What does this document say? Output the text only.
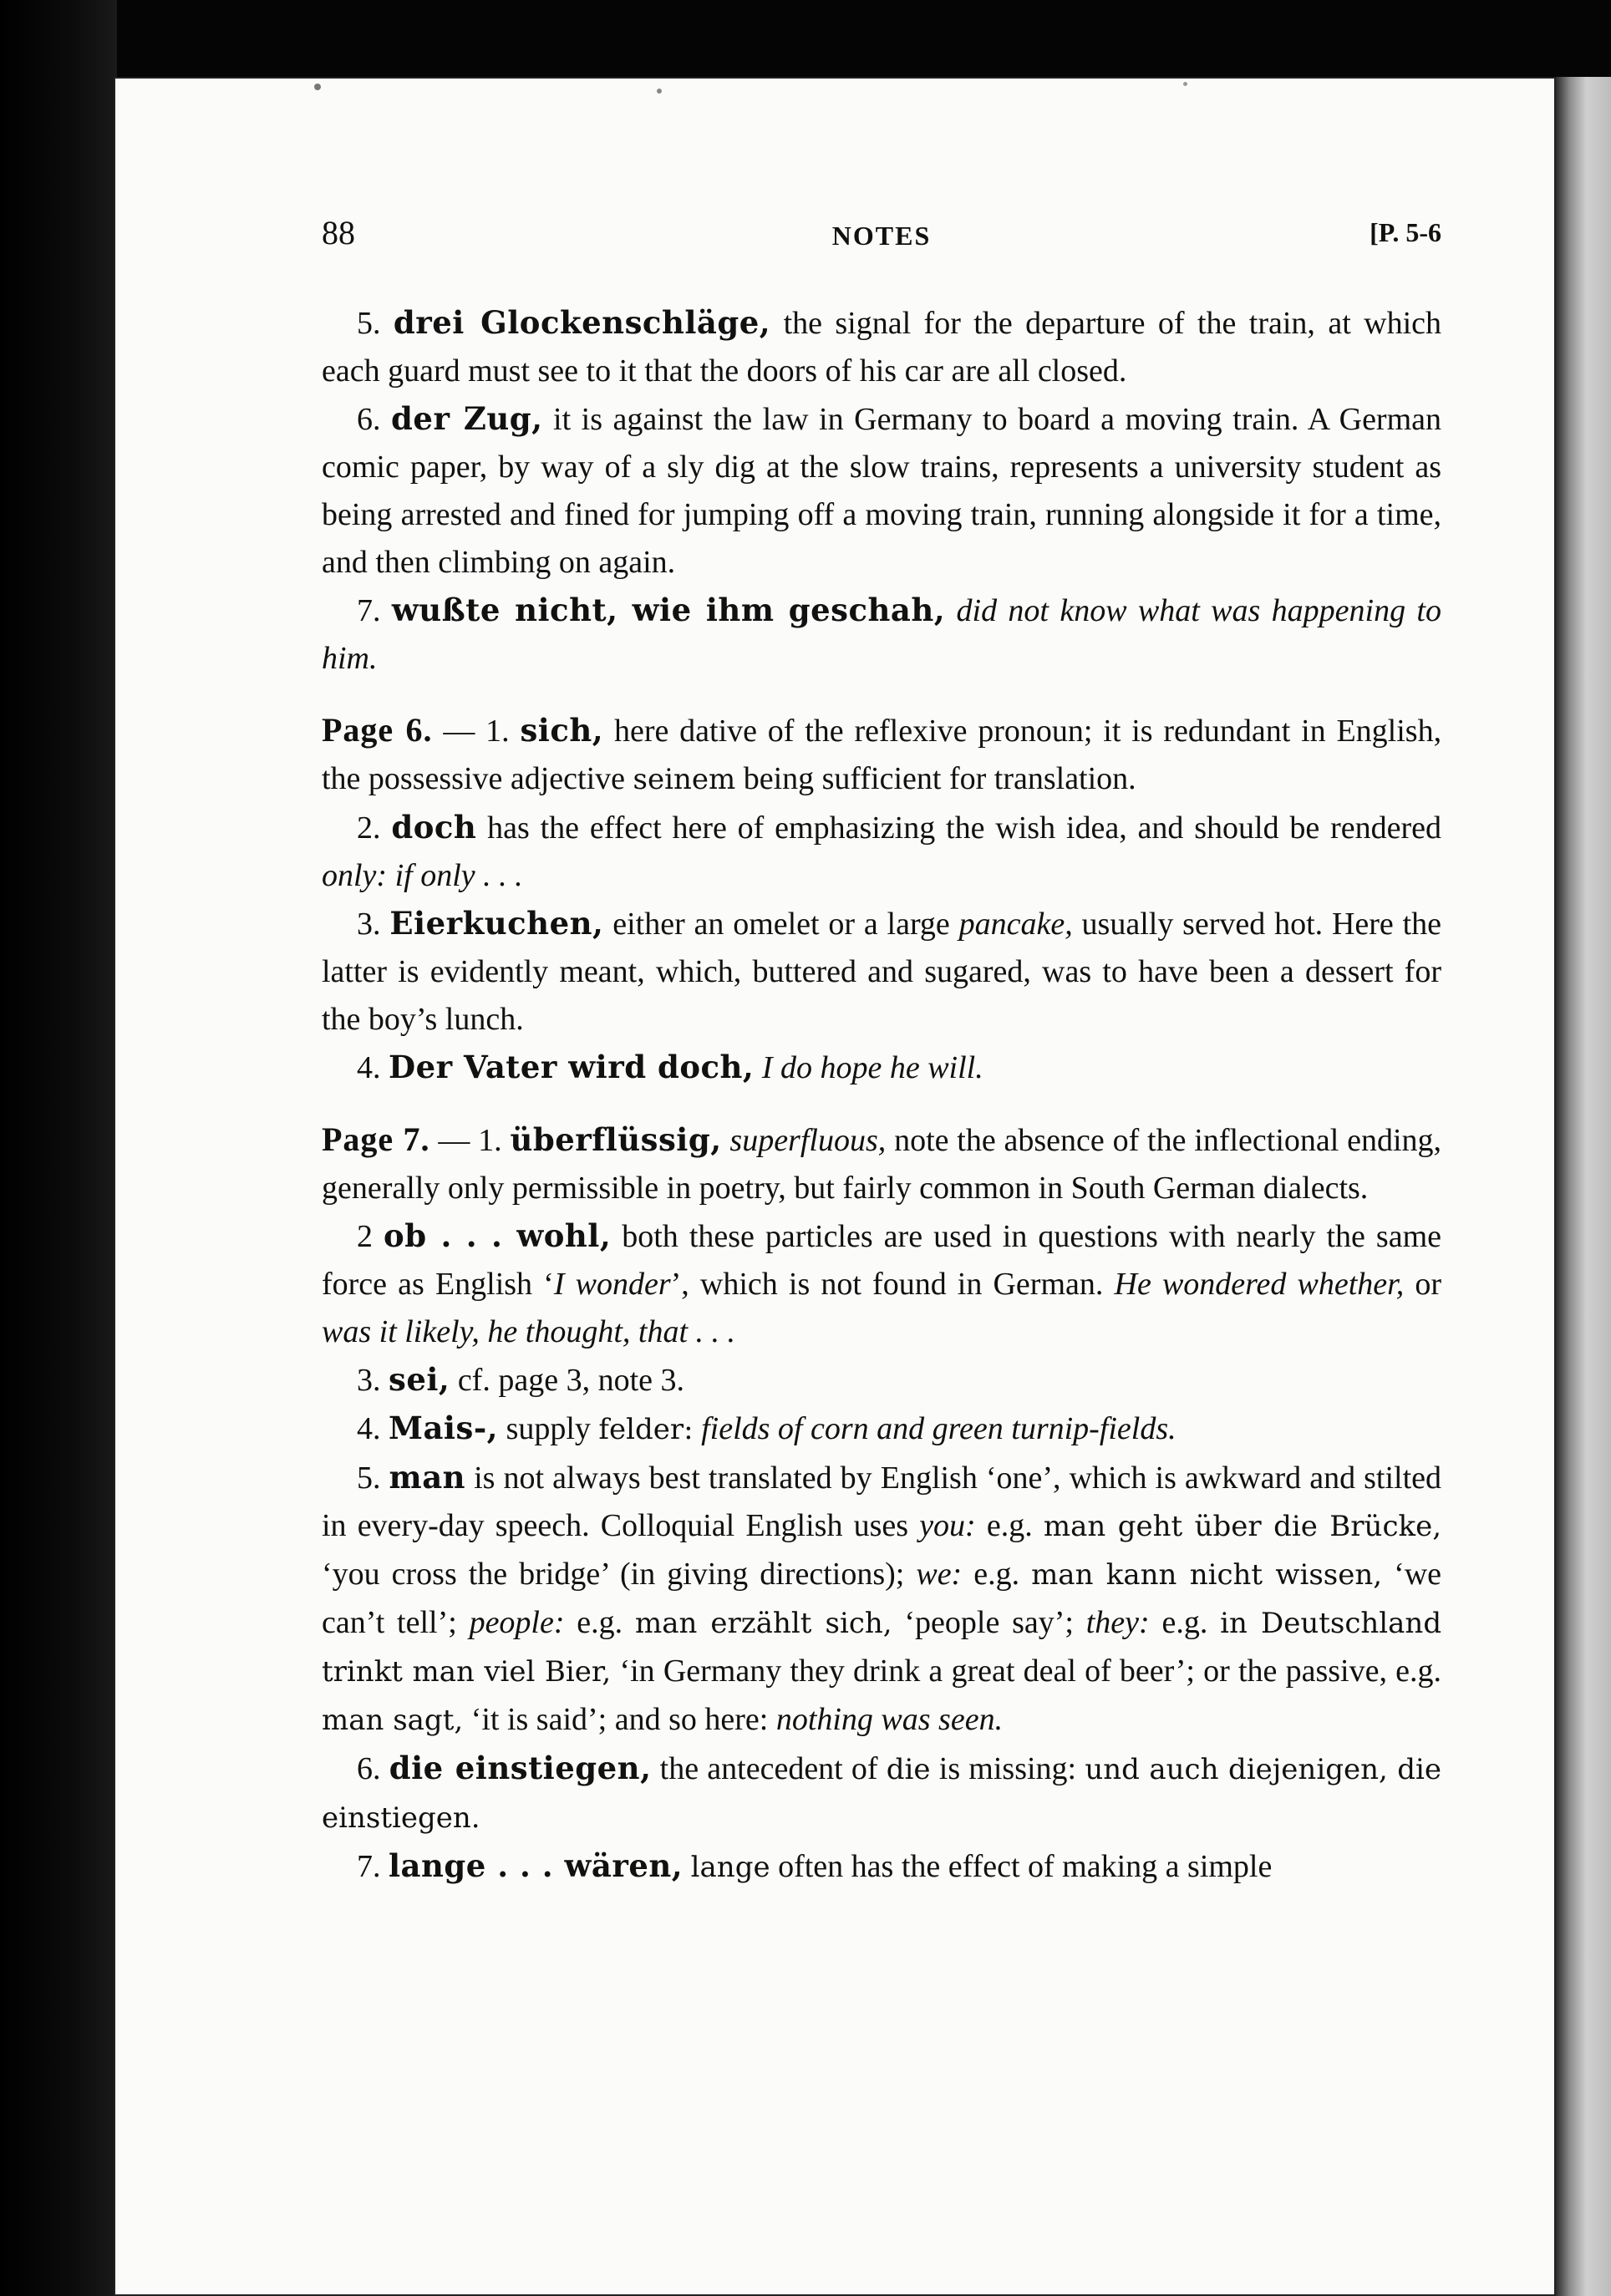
88	NOTES	[P. 5-6

5. drei Glockenschläge, the signal for the departure of the train, at which each guard must see to it that the doors of his car are all closed.

6. der Zug, it is against the law in Germany to board a moving train. A German comic paper, by way of a sly dig at the slow trains, represents a university student as being arrested and fined for jumping off a moving train, running alongside it for a time, and then climbing on again.

7. wußte nicht, wie ihm geschah, did not know what was happening to him.

Page 6. — 1. sich, here dative of the reflexive pronoun; it is redundant in English, the possessive adjective seinem being sufficient for translation.

2. doch has the effect here of emphasizing the wish idea, and should be rendered only: if only . . .

3. Eierkuchen, either an omelet or a large pancake, usually served hot. Here the latter is evidently meant, which, buttered and sugared, was to have been a dessert for the boy’s lunch.

4. Der Vater wird doch, I do hope he will.

Page 7. — 1. überflüssig, superfluous, note the absence of the inflectional ending, generally only permissible in poetry, but fairly common in South German dialects.

2 ob . . . wohl, both these particles are used in questions with nearly the same force as English ‘I wonder’, which is not found in German. He wondered whether, or was it likely, he thought, that . . .

3. sei, cf. page 3, note 3.

4. Mais-, supply felder: fields of corn and green turnip-fields.

5. man is not always best translated by English ‘one’, which is awkward and stilted in every-day speech. Colloquial English uses you: e.g. man geht über die Brücke, ‘you cross the bridge’ (in giving directions); we: e.g. man kann nicht wissen, ‘we can’t tell’; people: e.g. man erzählt sich, ‘people say’; they: e.g. in Deutschland trinkt man viel Bier, ‘in Germany they drink a great deal of beer’; or the passive, e.g. man sagt, ‘it is said’; and so here: nothing was seen.

6. die einstiegen, the antecedent of die is missing: und auch diejenigen, die einstiegen.

7. lange . . . wären, lange often has the effect of making a simple
